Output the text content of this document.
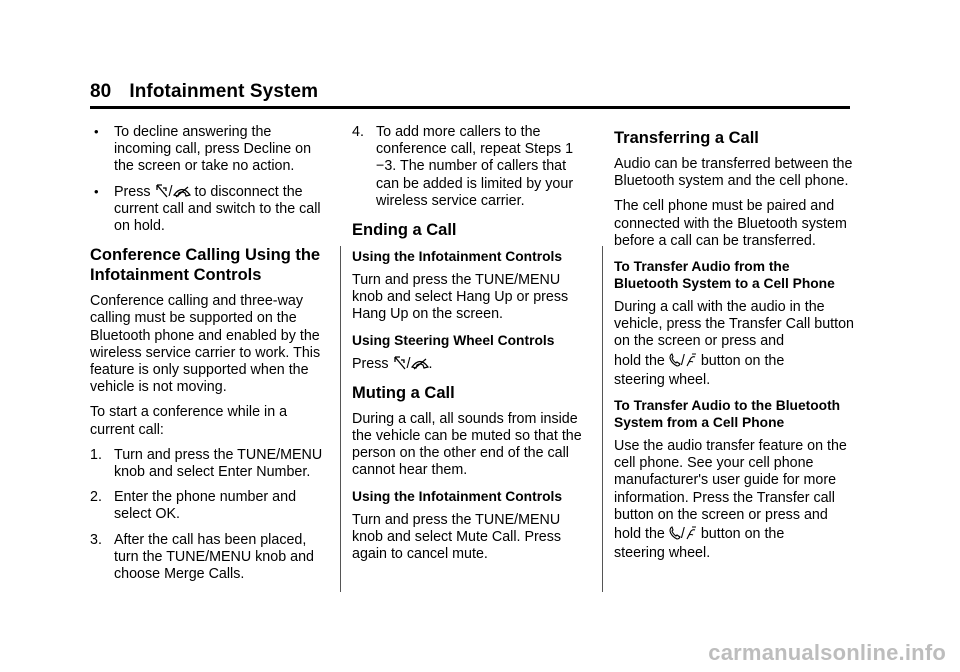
80 Infotainment System
• To decline answering the incoming call, press Decline on the screen or take no action.
• Press / to disconnect the current call and switch to the call on hold.
Conference Calling Using the Infotainment Controls

Conference calling and three-way calling must be supported on the Bluetooth phone and enabled by the wireless service carrier to work. This feature is only supported when the vehicle is not moving.

To start a conference while in a current call:

1. Turn and press the TUNE/MENU knob and select Enter Number.
2. Enter the phone number and select OK.
3. After the call has been placed, turn the TUNE/MENU knob and choose Merge Calls.
4. To add more callers to the conference call, repeat Steps 1 −3. The number of callers that can be added is limited by your wireless service carrier.
Ending a Call
Using the Infotainment Controls

Turn and press the TUNE/MENU knob and select Hang Up or press Hang Up on the screen.

Using Steering Wheel Controls

Press / .

Muting a Call

During a call, all sounds from inside the vehicle can be muted so that the person on the other end of the call cannot hear them.

Using the Infotainment Controls

Turn and press the TUNE/MENU knob and select Mute Call. Press again to cancel mute.

Transferring a Call

Audio can be transferred between the Bluetooth system and the cell phone.

The cell phone must be paired and connected with the Bluetooth system before a call can be transferred.

To Transfer Audio from the Bluetooth System to a Cell Phone

During a call with the audio in the vehicle, press the Transfer Call button on the screen or press and

hold the / button on the

steering wheel.

To Transfer Audio to the Bluetooth System from a Cell Phone

Use the audio transfer feature on the cell phone. See your cell phone manufacturer's user guide for more information. Press the Transfer call button on the screen or press and

hold the / button on the

steering wheel.

carmanualsonline.info
